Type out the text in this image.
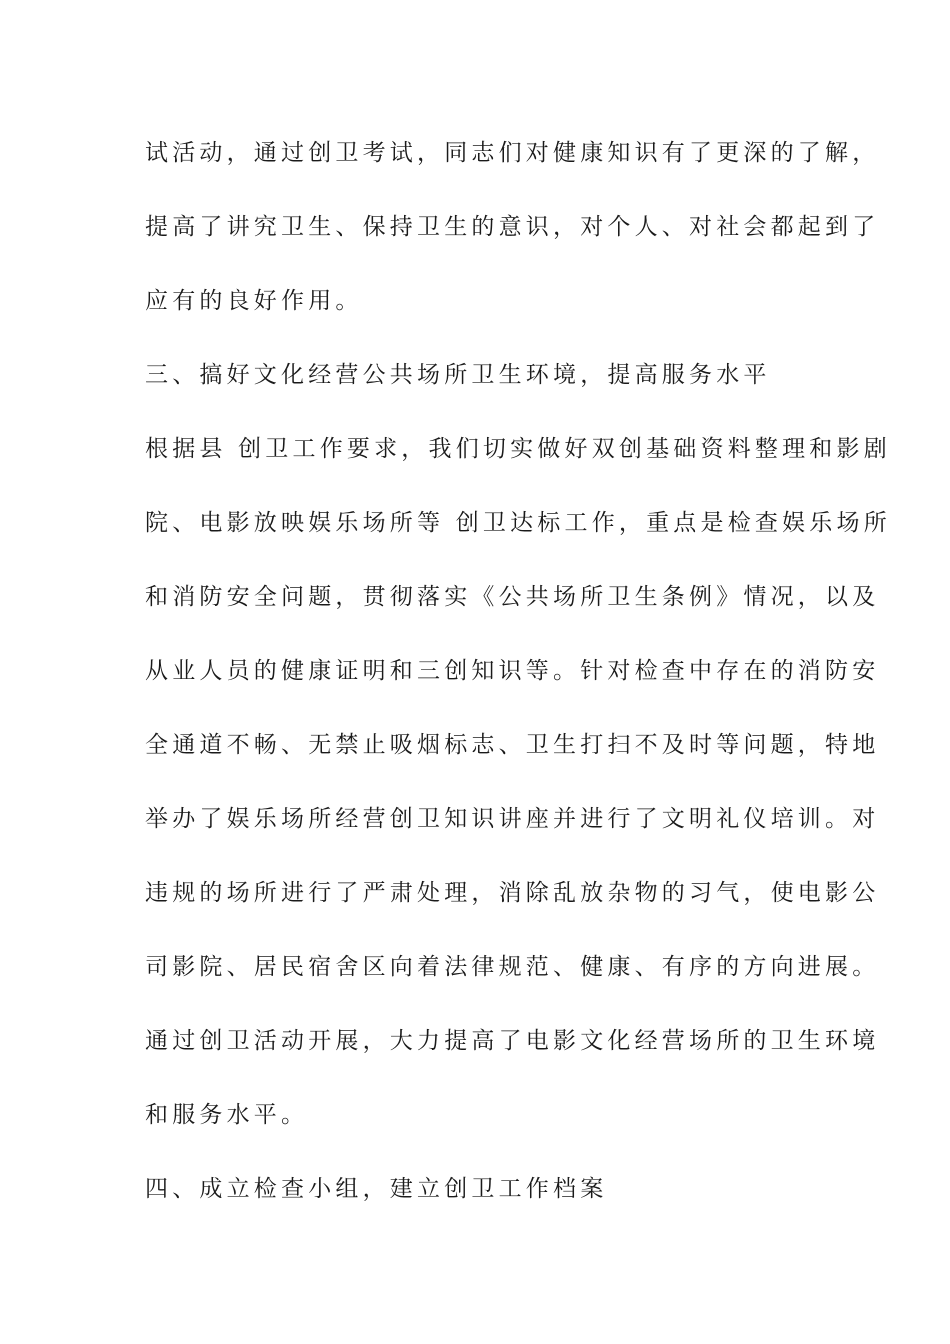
试活动，通过创卫考试，同志们对健康知识有了更深的了解，
提高了讲究卫生、保持卫生的意识，对个人、对社会都起到了
应有的良好作用。
三、搞好文化经营公共场所卫生环境，提高服务水平
根据县 创卫工作要求，我们切实做好双创基础资料整理和影剧
院、电影放映娱乐场所等 创卫达标工作，重点是检查娱乐场所
和消防安全问题，贯彻落实《公共场所卫生条例》情况，以及
从业人员的健康证明和三创知识等。针对检查中存在的消防安
全通道不畅、无禁止吸烟标志、卫生打扫不及时等问题，特地
举办了娱乐场所经营创卫知识讲座并进行了文明礼仪培训。对
违规的场所进行了严肃处理，消除乱放杂物的习气，使电影公
司影院、居民宿舍区向着法律规范、健康、有序的方向进展。
通过创卫活动开展，大力提高了电影文化经营场所的卫生环境
和服务水平。
四、成立检查小组，建立创卫工作档案
